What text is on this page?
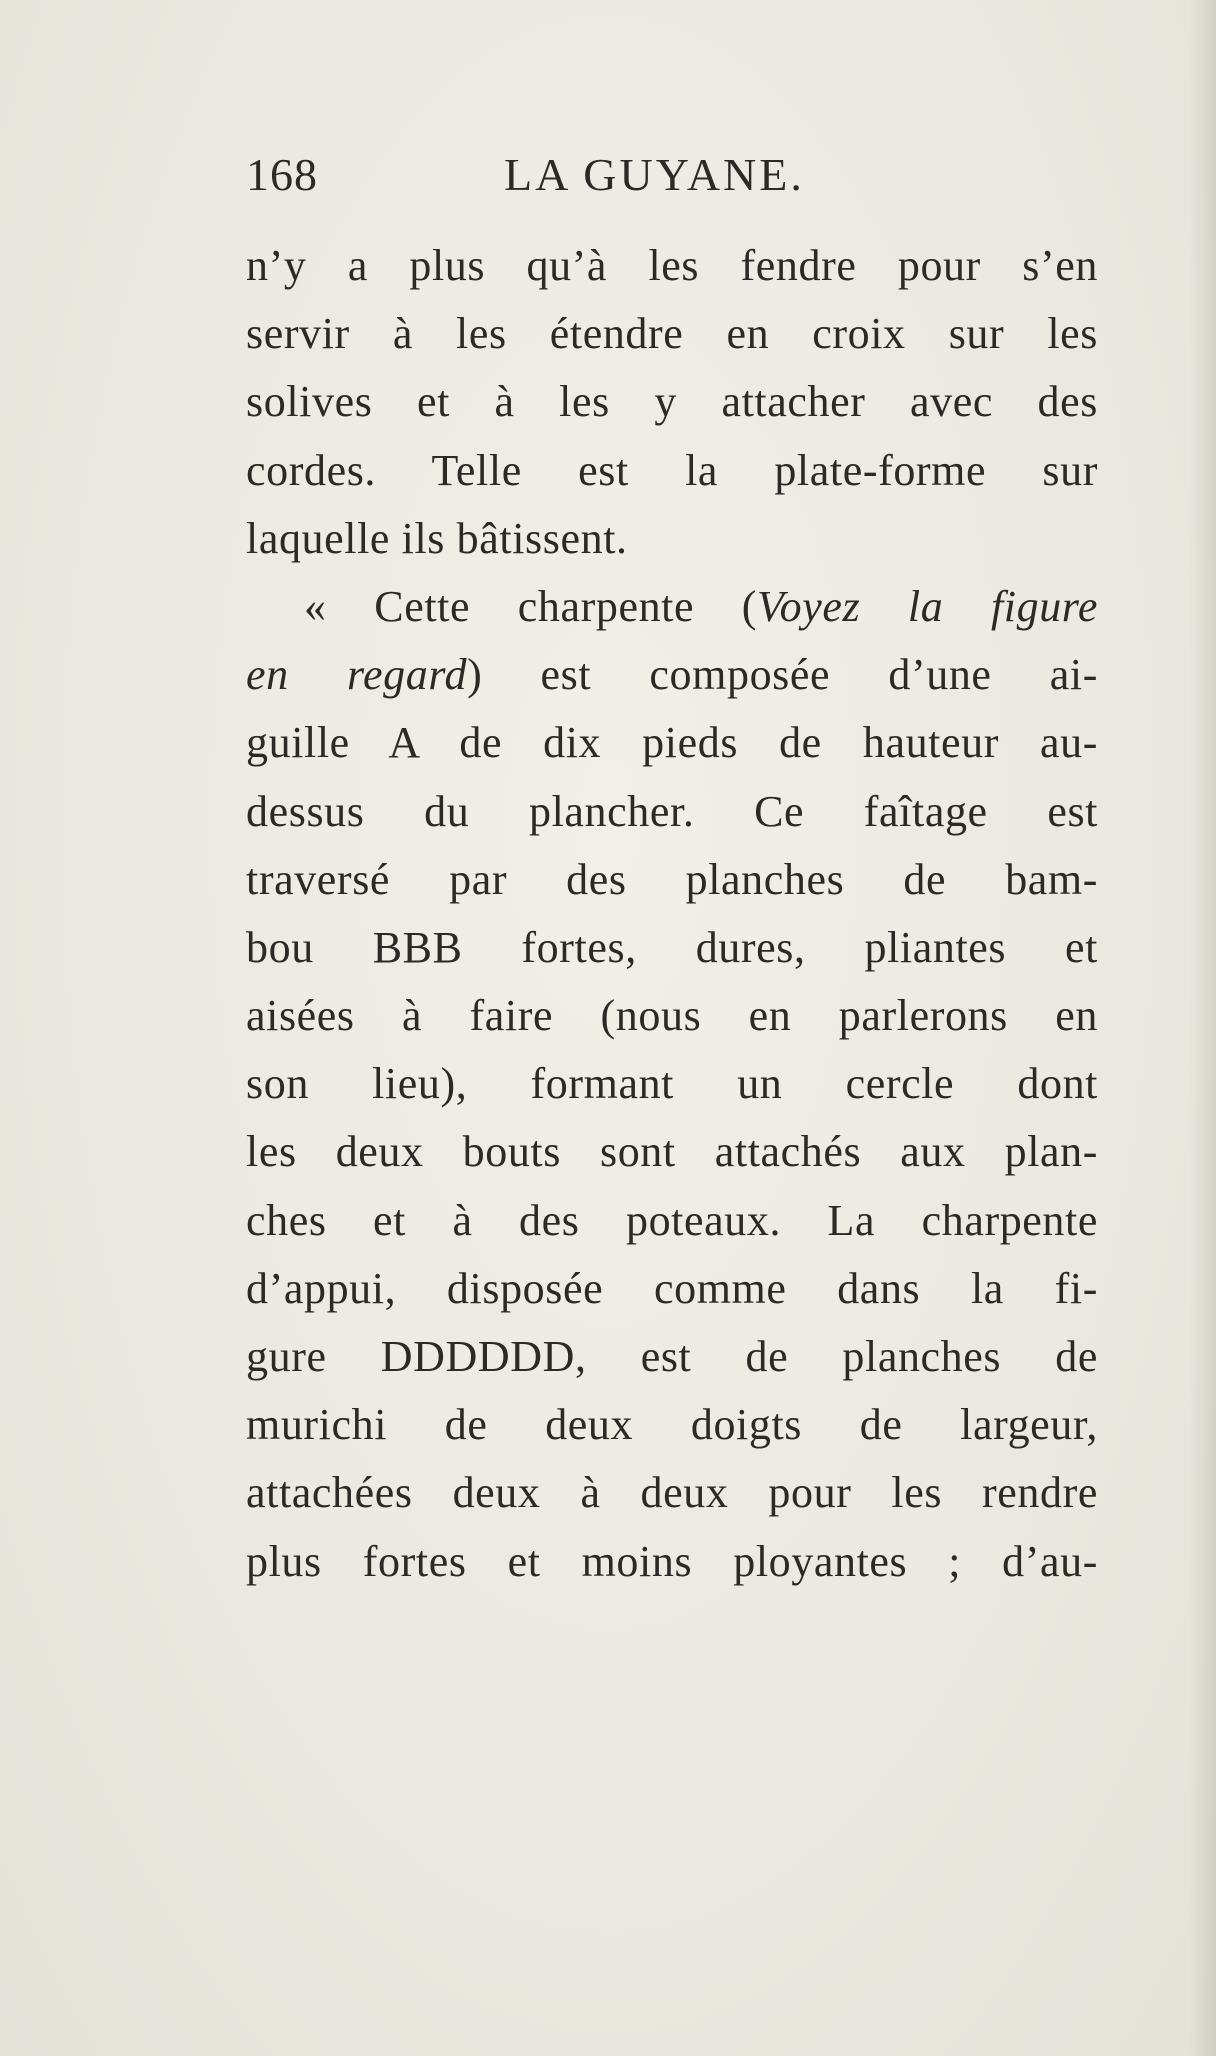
168	LA GUYANE.
n’y a plus qu’à les fendre pour s’en
servir à les étendre en croix sur les
solives et à les y attacher avec des
cordes. Telle est la plate-forme sur
laquelle ils bâtissent.
« Cette charpente (Voyez la figure
en regard) est composée d’une ai-
guille A de dix pieds de hauteur au-
dessus du plancher. Ce faîtage est
traversé par des planches de bam-
bou BBB fortes, dures, pliantes et
aisées à faire (nous en parlerons en
son lieu), formant un cercle dont
les deux bouts sont attachés aux plan-
ches et à des poteaux. La charpente
d’appui, disposée comme dans la fi-
gure DDDDDD, est de planches de
murichi de deux doigts de largeur,
attachées deux à deux pour les rendre
plus fortes et moins ployantes ; d’au-
